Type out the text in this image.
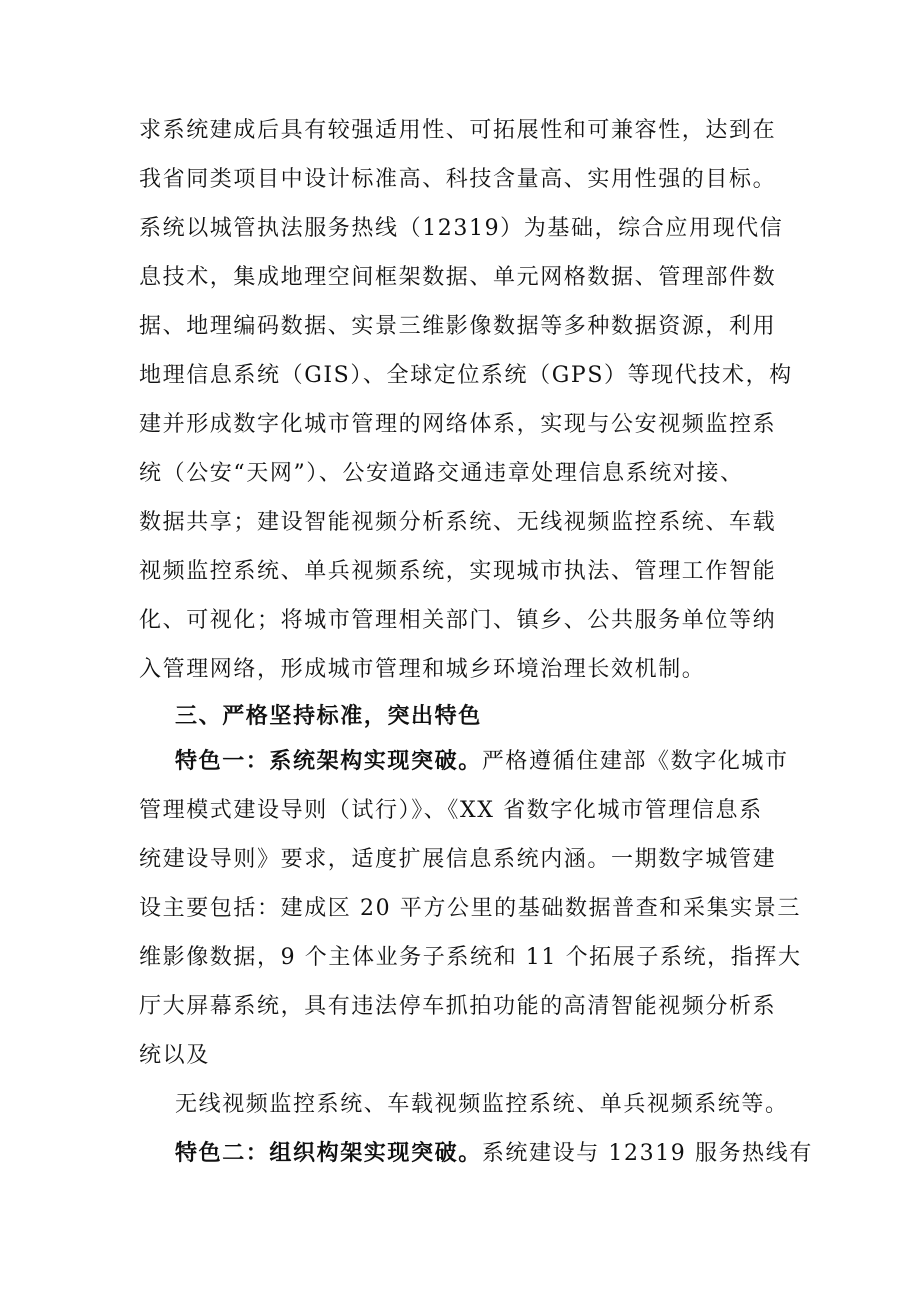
求系统建成后具有较强适用性、可拓展性和可兼容性，达到在
我省同类项目中设计标准高、科技含量高、实用性强的目标。
系统以城管执法服务热线（12319）为基础，综合应用现代信
息技术，集成地理空间框架数据、单元网格数据、管理部件数
据、地理编码数据、实景三维影像数据等多种数据资源，利用
地理信息系统（GIS）、全球定位系统（GPS）等现代技术，构
建并形成数字化城市管理的网络体系，实现与公安视频监控系
统（公安“天网”）、公安道路交通违章处理信息系统对接、
数据共享；建设智能视频分析系统、无线视频监控系统、车载
视频监控系统、单兵视频系统，实现城市执法、管理工作智能
化、可视化；将城市管理相关部门、镇乡、公共服务单位等纳
入管理网络，形成城市管理和城乡环境治理长效机制。
三、严格坚持标准，突出特色
特色一：系统架构实现突破。严格遵循住建部《数字化城市
管理模式建设导则（试行）》、《XX 省数字化城市管理信息系
统建设导则》要求，适度扩展信息系统内涵。一期数字城管建
设主要包括：建成区 20 平方公里的基础数据普查和采集实景三
维影像数据，9 个主体业务子系统和 11 个拓展子系统，指挥大
厅大屏幕系统，具有违法停车抓拍功能的高清智能视频分析系
统以及
无线视频监控系统、车载视频监控系统、单兵视频系统等。
特色二：组织构架实现突破。系统建设与 12319 服务热线有
